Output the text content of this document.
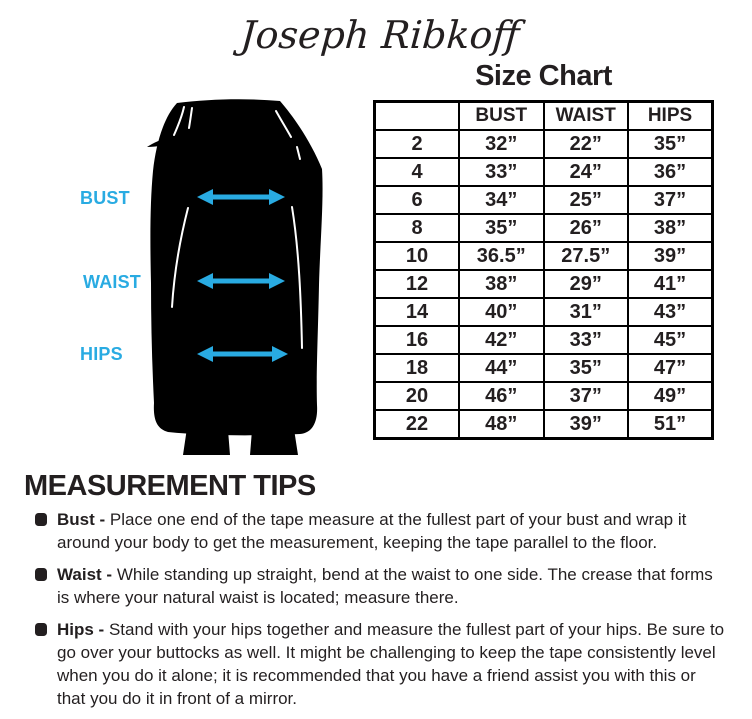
Joseph Ribkoff
BUST
WAIST
HIPS
Size Chart
	BUST	WAIST	HIPS
2	32”	22”	35”
4	33”	24”	36”
6	34”	25”	37”
8	35”	26”	38”
10	36.5”	27.5”	39”
12	38”	29”	41”
14	40”	31”	43”
16	42”	33”	45”
18	44”	35”	47”
20	46”	37”	49”
22	48”	39”	51”
MEASUREMENT TIPS
Bust - Place one end of the tape measure at the fullest part of your bust and wrap it around your body to get the measurement, keeping the tape parallel to the floor.
Waist - While standing up straight, bend at the waist to one side. The crease that forms is where your natural waist is located; measure there.
Hips - Stand with your hips together and measure the fullest part of your hips. Be sure to go over your buttocks as well. It might be challenging to keep the tape consistently level when you do it alone; it is recommended that you have a friend assist you with this or that you do it in front of a mirror.
